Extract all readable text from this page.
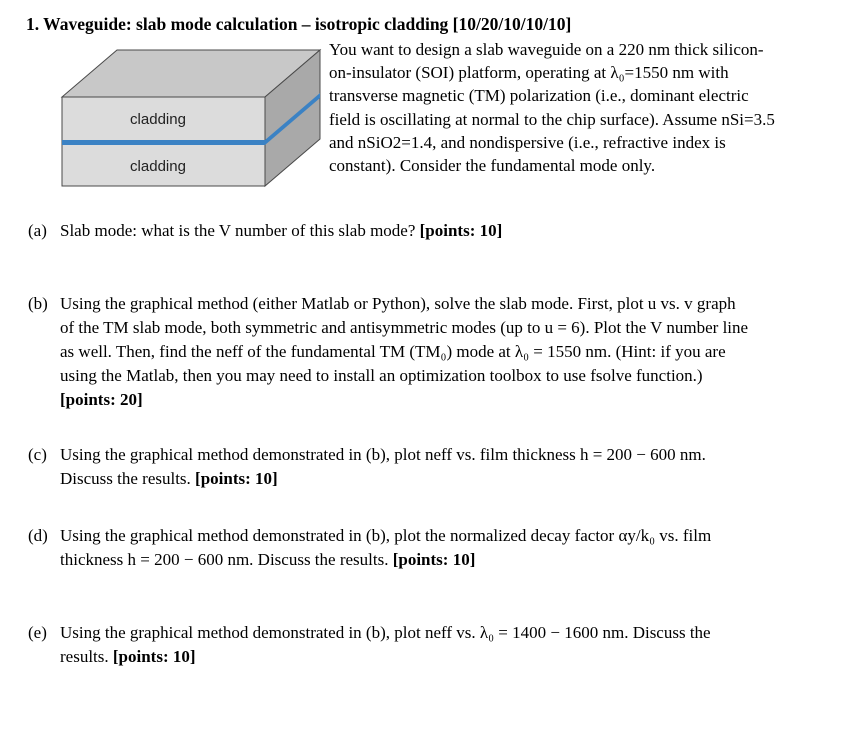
1. Waveguide: slab mode calculation – isotropic cladding [10/20/10/10/10]
cladding
cladding
You want to design a slab waveguide on a 220 nm thick silicon-
on-insulator (SOI) platform, operating at λ₀=1550 nm with
transverse magnetic (TM) polarization (i.e., dominant electric
field is oscillating at normal to the chip surface). Assume nSi=3.5
and nSiO2=1.4, and nondispersive (i.e., refractive index is
constant). Consider the fundamental mode only.
(a) Slab mode: what is the V number of this slab mode? [points: 10]
(b) Using the graphical method (either Matlab or Python), solve the slab mode. First, plot u vs. v graph
of the TM slab mode, both symmetric and antisymmetric modes (up to u = 6). Plot the V number line
as well. Then, find the neff of the fundamental TM (TM₀) mode at λ₀ = 1550 nm. (Hint: if you are
using the Matlab, then you may need to install an optimization toolbox to use fsolve function.)
[points: 20]
(c) Using the graphical method demonstrated in (b), plot neff vs. film thickness h = 200 − 600 nm.
Discuss the results. [points: 10]
(d) Using the graphical method demonstrated in (b), plot the normalized decay factor αy/k₀ vs. film
thickness h = 200 − 600 nm. Discuss the results. [points: 10]
(e) Using the graphical method demonstrated in (b), plot neff vs. λ₀ = 1400 − 1600 nm. Discuss the
results. [points: 10]
